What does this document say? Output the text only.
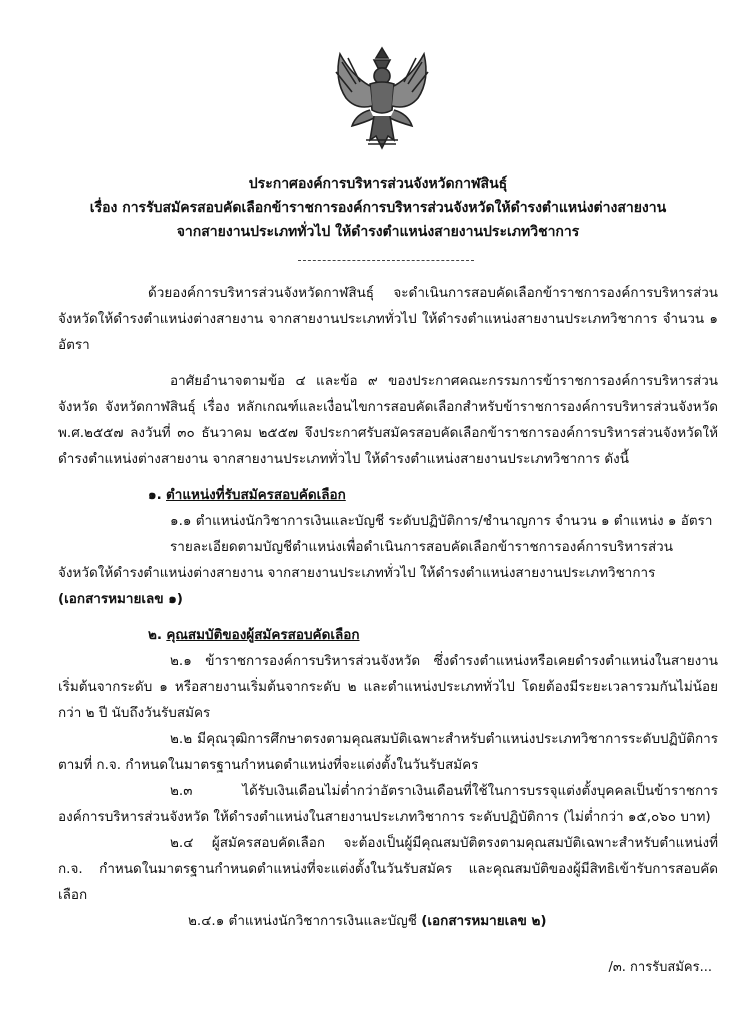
ประกาศองค์การบริหารส่วนจังหวัดกาฬสินธุ์
เรื่อง การรับสมัครสอบคัดเลือกข้าราชการองค์การบริหารส่วนจังหวัดให้ดำรงตำแหน่งต่างสายงาน
จากสายงานประเภททั่วไป ให้ดำรงตำแหน่งสายงานประเภทวิชาการ

ด้วยองค์การบริหารส่วนจังหวัดกาฬสินธุ์ จะดำเนินการสอบคัดเลือกข้าราชการองค์การบริหารส่วนจังหวัดให้ดำรงตำแหน่งต่างสายงาน จากสายงานประเภททั่วไป ให้ดำรงตำแหน่งสายงานประเภทวิชาการ จำนวน ๑ อัตรา

อาศัยอำนาจตามข้อ ๔ และข้อ ๙ ของประกาศคณะกรรมการข้าราชการองค์การบริหารส่วนจังหวัด จังหวัดกาฬสินธุ์ เรื่อง หลักเกณฑ์และเงื่อนไขการสอบคัดเลือกสำหรับข้าราชการองค์การบริหารส่วนจังหวัด พ.ศ.๒๕๕๗ ลงวันที่ ๓๐ ธันวาคม ๒๕๕๗ จึงประกาศรับสมัครสอบคัดเลือกข้าราชการองค์การบริหารส่วนจังหวัดให้ดำรงตำแหน่งต่างสายงาน จากสายงานประเภททั่วไป ให้ดำรงตำแหน่งสายงานประเภทวิชาการ ดังนี้

๑. ตำแหน่งที่รับสมัครสอบคัดเลือก

๑.๑ ตำแหน่งนักวิชาการเงินและบัญชี ระดับปฏิบัติการ/ชำนาญการ จำนวน ๑ ตำแหน่ง ๑ อัตรา

รายละเอียดตามบัญชีตำแหน่งเพื่อดำเนินการสอบคัดเลือกข้าราชการองค์การบริหารส่วน

จังหวัดให้ดำรงตำแหน่งต่างสายงาน จากสายงานประเภททั่วไป ให้ดำรงตำแหน่งสายงานประเภทวิชาการ

(เอกสารหมายเลข ๑)

๒. คุณสมบัติของผู้สมัครสอบคัดเลือก

๒.๑ ข้าราชการองค์การบริหารส่วนจังหวัด ซึ่งดำรงตำแหน่งหรือเคยดำรงตำแหน่งในสายงานเริ่มต้นจากระดับ ๑ หรือสายงานเริ่มต้นจากระดับ ๒ และตำแหน่งประเภททั่วไป โดยต้องมีระยะเวลารวมกันไม่น้อยกว่า ๒ ปี นับถึงวันรับสมัคร

๒.๒ มีคุณวุฒิการศึกษาตรงตามคุณสมบัติเฉพาะสำหรับตำแหน่งประเภทวิชาการระดับปฏิบัติการ ตามที่ ก.จ. กำหนดในมาตรฐานกำหนดตำแหน่งที่จะแต่งตั้งในวันรับสมัคร

๒.๓ ได้รับเงินเดือนไม่ต่ำกว่าอัตราเงินเดือนที่ใช้ในการบรรจุแต่งตั้งบุคคลเป็นข้าราชการองค์การบริหารส่วนจังหวัด ให้ดำรงตำแหน่งในสายงานประเภทวิชาการ ระดับปฏิบัติการ (ไม่ต่ำกว่า ๑๕,๐๖๐ บาท)

๒.๔ ผู้สมัครสอบคัดเลือก จะต้องเป็นผู้มีคุณสมบัติตรงตามคุณสมบัติเฉพาะสำหรับตำแหน่งที่ ก.จ. กำหนดในมาตรฐานกำหนดตำแหน่งที่จะแต่งตั้งในวันรับสมัคร และคุณสมบัติของผู้มีสิทธิเข้ารับการสอบคัดเลือก

๒.๔.๑ ตำแหน่งนักวิชาการเงินและบัญชี (เอกสารหมายเลข ๒)

/๓. การรับสมัคร...
